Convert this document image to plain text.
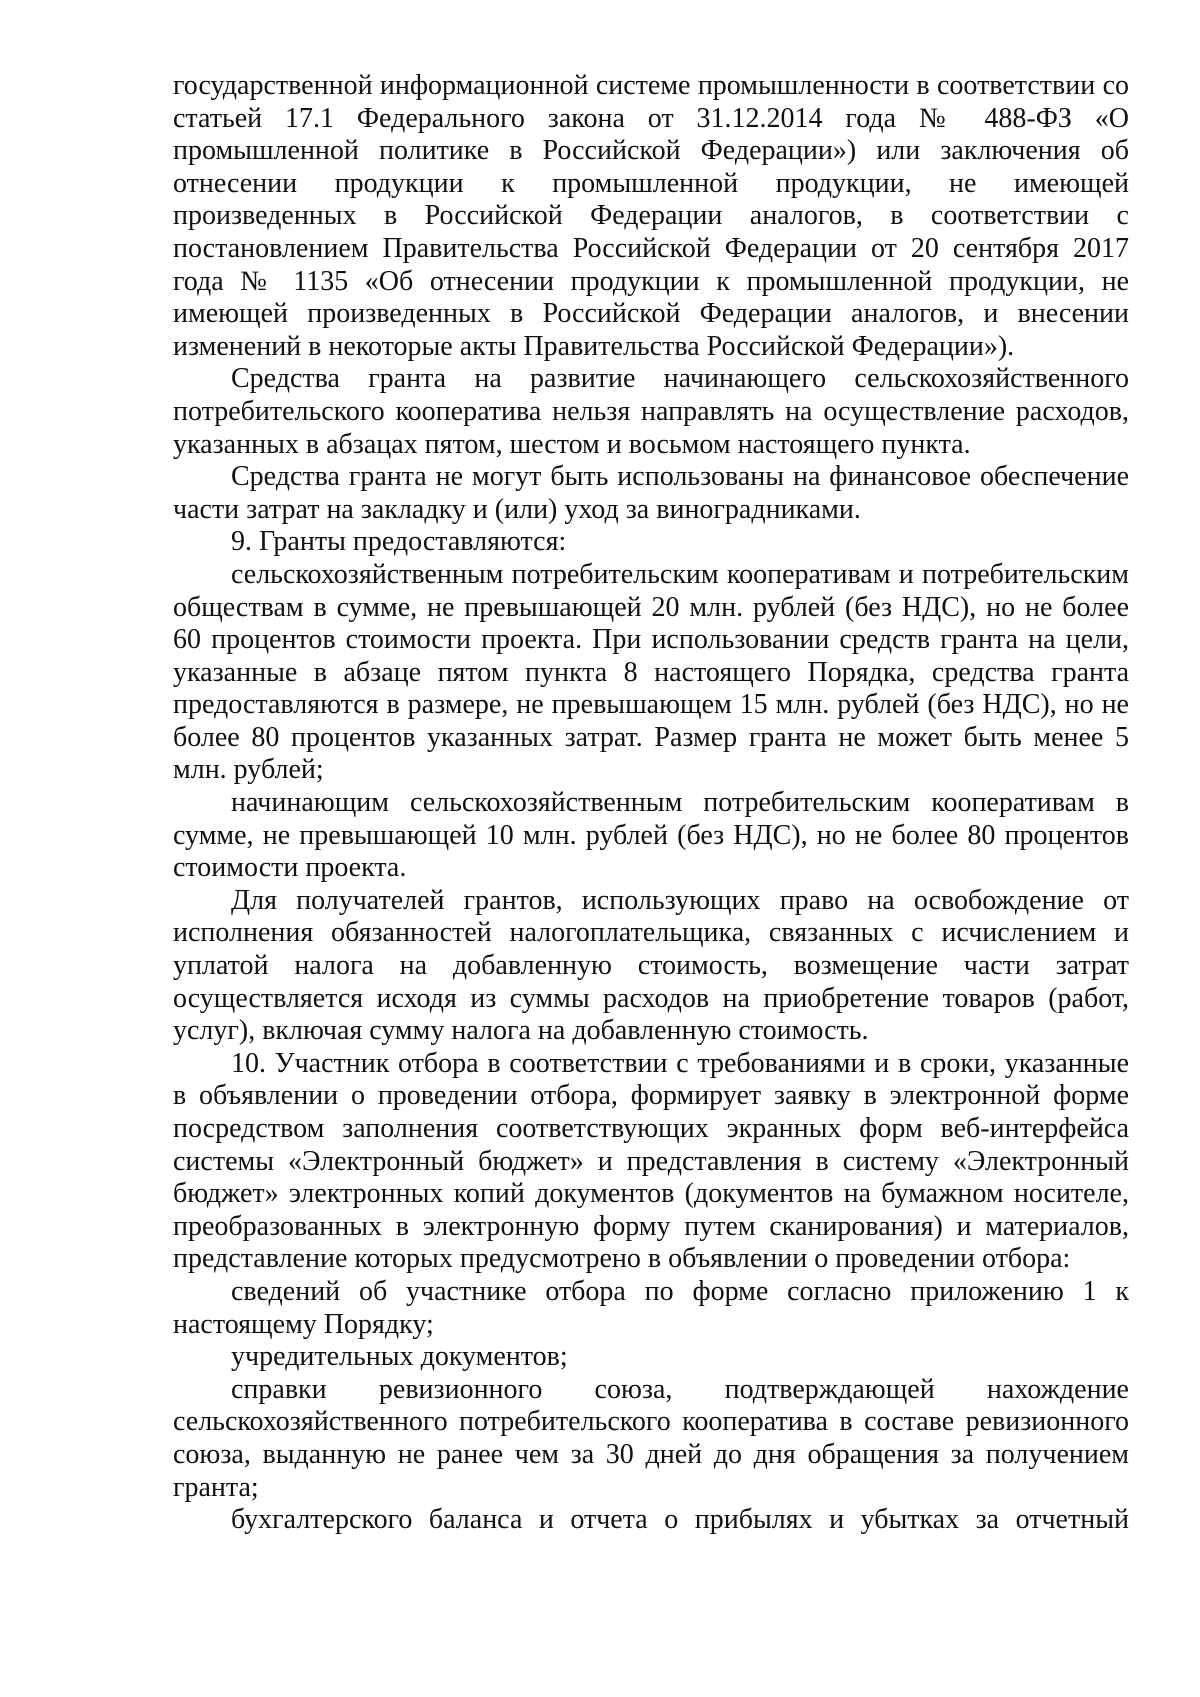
государственной информационной системе промышленности в соответствии со статьей 17.1 Федерального закона от 31.12.2014 года № 488-ФЗ «О промышленной политике в Российской Федерации») или заключения об отнесении продукции к промышленной продукции, не имеющей произведенных в Российской Федерации аналогов, в соответствии с постановлением Правительства Российской Федерации от 20 сентября 2017 года № 1135 «Об отнесении продукции к промышленной продукции, не имеющей произведенных в Российской Федерации аналогов, и внесении изменений в некоторые акты Правительства Российской Федерации»).

Средства гранта на развитие начинающего сельскохозяйственного потребительского кооператива нельзя направлять на осуществление расходов, указанных в абзацах пятом, шестом и восьмом настоящего пункта.

Средства гранта не могут быть использованы на финансовое обеспечение части затрат на закладку и (или) уход за виноградниками.

9. Гранты предоставляются:

сельскохозяйственным потребительским кооперативам и потребительским обществам в сумме, не превышающей 20 млн. рублей (без НДС), но не более 60 процентов стоимости проекта. При использовании средств гранта на цели, указанные в абзаце пятом пункта 8 настоящего Порядка, средства гранта предоставляются в размере, не превышающем 15 млн. рублей (без НДС), но не более 80 процентов указанных затрат. Размер гранта не может быть менее 5 млн. рублей;

начинающим сельскохозяйственным потребительским кооперативам в сумме, не превышающей 10 млн. рублей (без НДС), но не более 80 процентов стоимости проекта.

Для получателей грантов, использующих право на освобождение от исполнения обязанностей налогоплательщика, связанных с исчислением и уплатой налога на добавленную стоимость, возмещение части затрат осуществляется исходя из суммы расходов на приобретение товаров (работ, услуг), включая сумму налога на добавленную стоимость.

10. Участник отбора в соответствии с требованиями и в сроки, указанные в объявлении о проведении отбора, формирует заявку в электронной форме посредством заполнения соответствующих экранных форм веб-интерфейса системы «Электронный бюджет» и представления в систему «Электронный бюджет» электронных копий документов (документов на бумажном носителе, преобразованных в электронную форму путем сканирования) и материалов, представление которых предусмотрено в объявлении о проведении отбора:

сведений об участнике отбора по форме согласно приложению 1 к настоящему Порядку;

учредительных документов;

справки ревизионного союза, подтверждающей нахождение сельскохозяйственного потребительского кооператива в составе ревизионного союза, выданную не ранее чем за 30 дней до дня обращения за получением гранта;

бухгалтерского баланса и отчета о прибылях и убытках за отчетный
